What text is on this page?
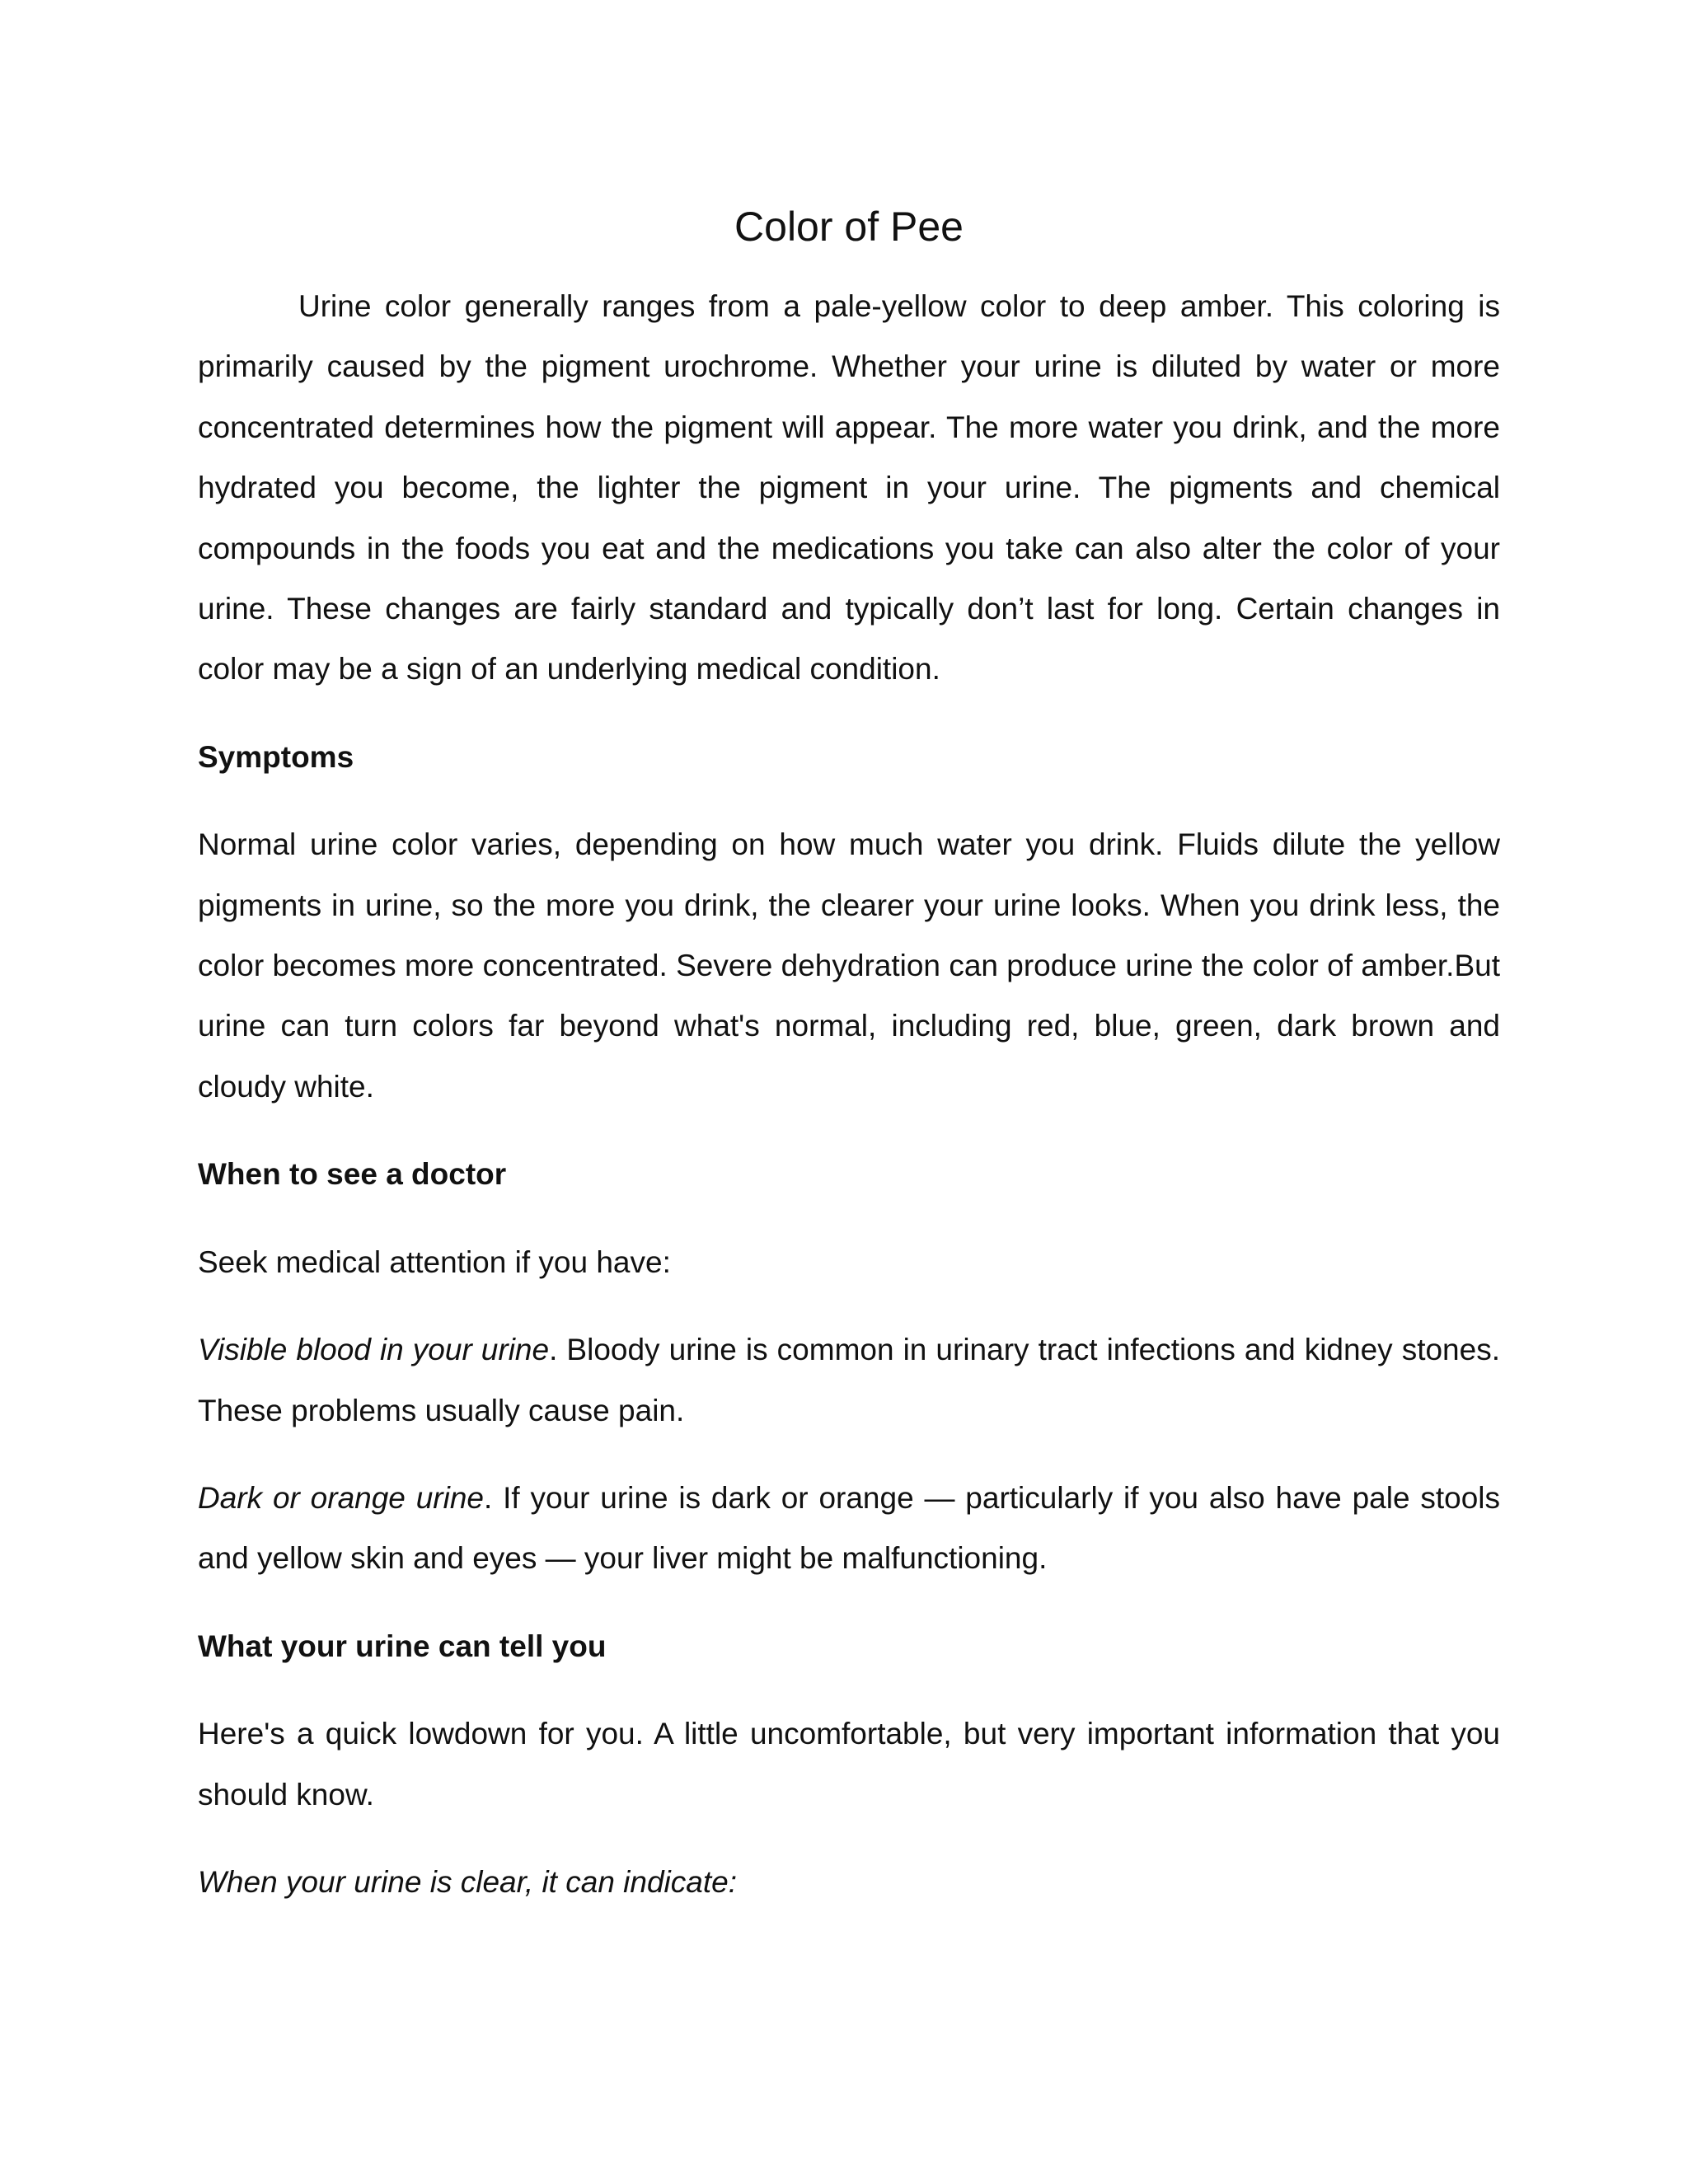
Color of Pee

Urine color generally ranges from a pale-yellow color to deep amber. This coloring is primarily caused by the pigment urochrome. Whether your urine is diluted by water or more concentrated determines how the pigment will appear. The more water you drink, and the more hydrated you become, the lighter the pigment in your urine. The pigments and chemical compounds in the foods you eat and the medications you take can also alter the color of your urine. These changes are fairly standard and typically don’t last for long. Certain changes in color may be a sign of an underlying medical condition.

Symptoms

Normal urine color varies, depending on how much water you drink. Fluids dilute the yellow pigments in urine, so the more you drink, the clearer your urine looks. When you drink less, the color becomes more concentrated. Severe dehydration can produce urine the color of amber.But urine can turn colors far beyond what's normal, including red, blue, green, dark brown and cloudy white.

When to see a doctor

Seek medical attention if you have:

Visible blood in your urine. Bloody urine is common in urinary tract infections and kidney stones. These problems usually cause pain.

Dark or orange urine. If your urine is dark or orange — particularly if you also have pale stools and yellow skin and eyes — your liver might be malfunctioning.

What your urine can tell you

Here's a quick lowdown for you. A little uncomfortable, but very important information that you should know.

When your urine is clear, it can indicate:
